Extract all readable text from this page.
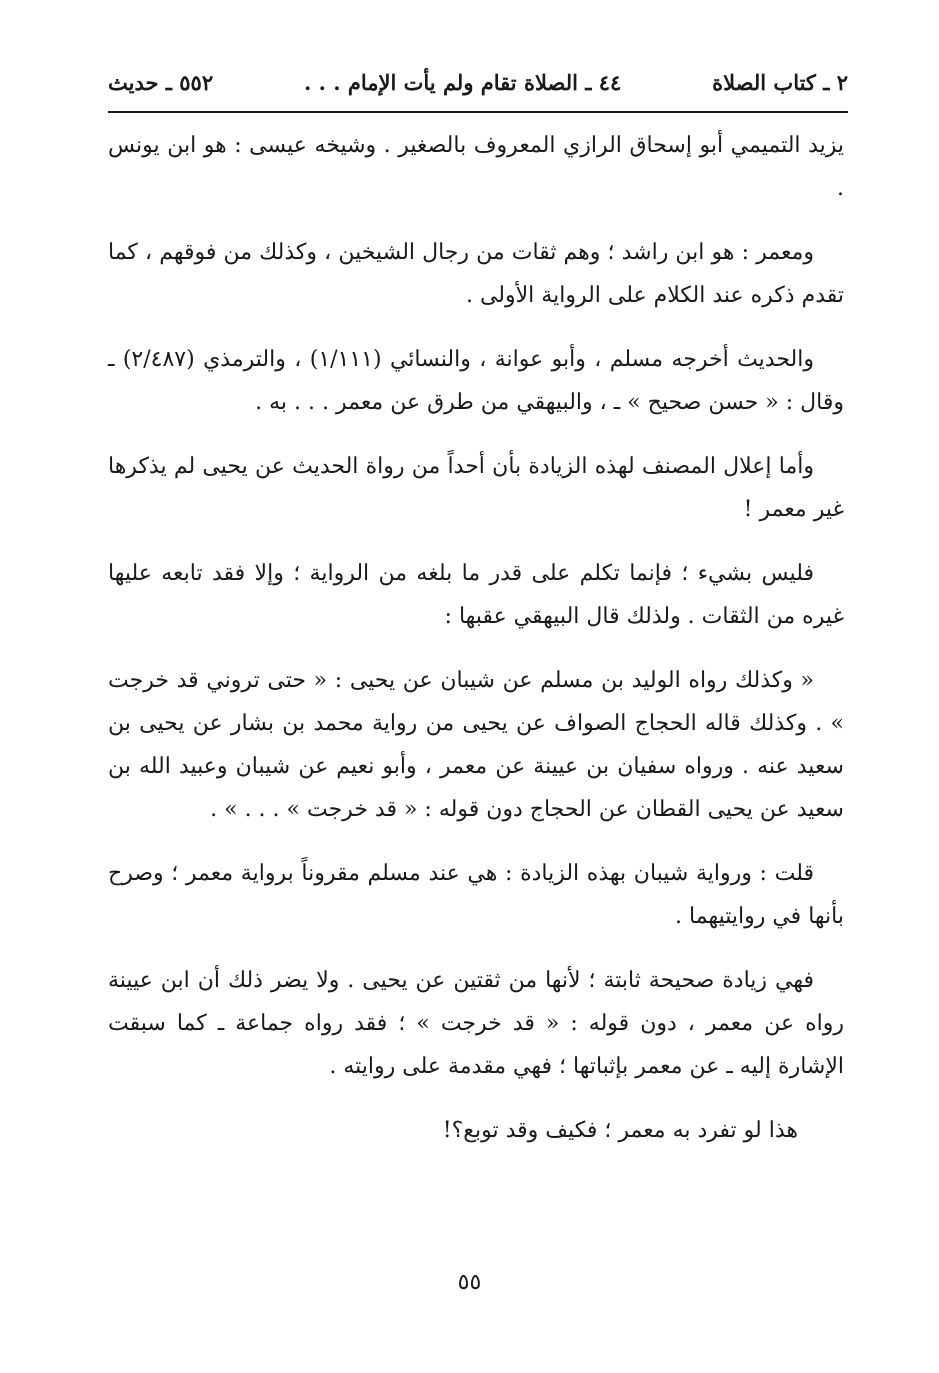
٢ ـ كتاب الصلاة
٤٤ ـ الصلاة تقام ولم يأت الإمام . . .
٥٥٢ ـ حديث

يزيد التميمي أبو إسحاق الرازي المعروف بالصغير . وشيخه عيسى : هو ابن يونس .

ومعمر : هو ابن راشد ؛ وهم ثقات من رجال الشيخين ، وكذلك من فوقهم ، كما تقدم ذكره عند الكلام على الرواية الأولى .

والحديث أخرجه مسلم ، وأبو عوانة ، والنسائي (١/١١١) ، والترمذي (٢/٤٨٧) ـ وقال : « حسن صحيح » ـ ، والبيهقي من طرق عن معمر . . . به .

وأما إعلال المصنف لهذه الزيادة بأن أحداً من رواة الحديث عن يحيى لم يذكرها غير معمر !

فليس بشيء ؛ فإنما تكلم على قدر ما بلغه من الرواية ؛ وإلا فقد تابعه عليها غيره من الثقات . ولذلك قال البيهقي عقبها :

« وكذلك رواه الوليد بن مسلم عن شيبان عن يحيى : « حتى تروني قد خرجت » . وكذلك قاله الحجاج الصواف عن يحيى من رواية محمد بن بشار عن يحيى بن سعيد عنه . ورواه سفيان بن عيينة عن معمر ، وأبو نعيم عن شيبان وعبيد الله بن سعيد عن يحيى القطان عن الحجاج دون قوله : « قد خرجت » . . . » .

قلت : ورواية شيبان بهذه الزيادة : هي عند مسلم مقروناً برواية معمر ؛ وصرح بأنها في روايتيهما .

فهي زيادة صحيحة ثابتة ؛ لأنها من ثقتين عن يحيى . ولا يضر ذلك أن ابن عيينة رواه عن معمر ، دون قوله : « قد خرجت » ؛ فقد رواه جماعة ـ كما سبقت الإشارة إليه ـ عن معمر بإثباتها ؛ فهي مقدمة على روايته .

هذا لو تفرد به معمر ؛ فكيف وقد توبع؟!

٥٥
